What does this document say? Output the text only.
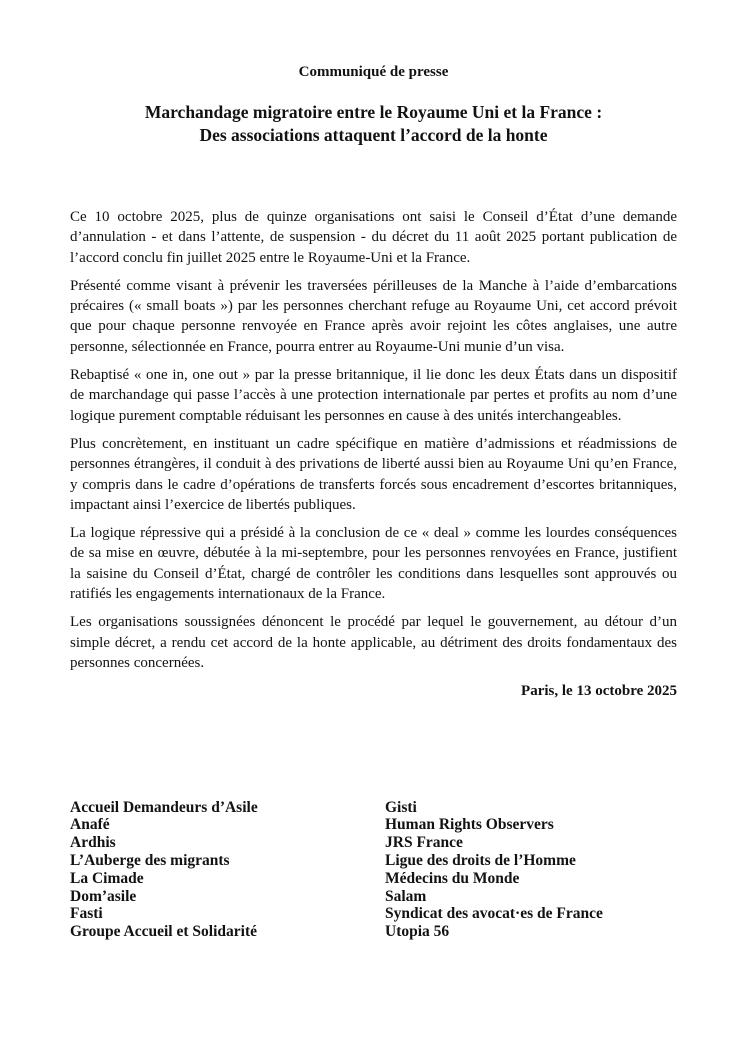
Communiqué de presse

Marchandage migratoire entre le Royaume Uni et la France :
Des associations attaquent l’accord de la honte

Ce 10 octobre 2025, plus de quinze organisations ont saisi le Conseil d’État d’une demande d’annulation - et dans l’attente, de suspension - du décret du 11 août 2025 portant publication de l’accord conclu fin juillet 2025 entre le Royaume-Uni et la France.

Présenté comme visant à prévenir les traversées périlleuses de la Manche à l’aide d’embarcations précaires (« small boats ») par les personnes cherchant refuge au Royaume Uni, cet accord prévoit que pour chaque personne renvoyée en France après avoir rejoint les côtes anglaises, une autre personne, sélectionnée en France, pourra entrer au Royaume-Uni munie d’un visa.

Rebaptisé « one in, one out » par la presse britannique, il lie donc les deux États dans un dispositif de marchandage qui passe l’accès à une protection internationale par pertes et profits au nom d’une logique purement comptable réduisant les personnes en cause à des unités interchangeables.

Plus concrètement, en instituant un cadre spécifique en matière d’admissions et réadmissions de personnes étrangères, il conduit à des privations de liberté aussi bien au Royaume Uni qu’en France, y compris dans le cadre d’opérations de transferts forcés sous encadrement d’escortes britanniques, impactant ainsi l’exercice de libertés publiques.

La logique répressive qui a présidé à la conclusion de ce « deal » comme les lourdes conséquences de sa mise en œuvre, débutée à la mi-septembre, pour les personnes renvoyées en France, justifient la saisine du Conseil d’État, chargé de contrôler les conditions dans lesquelles sont approuvés ou ratifiés les engagements internationaux de la France.

Les organisations soussignées dénoncent le procédé par lequel le gouvernement, au détour d’un simple décret, a rendu cet accord de la honte applicable, au détriment des droits fondamentaux des personnes concernées.

Paris, le 13 octobre 2025

Accueil Demandeurs d’Asile

Anafé

Ardhis

L’Auberge des migrants

La Cimade

Dom’asile

Fasti

Groupe Accueil et Solidarité

Gisti

Human Rights Observers

JRS France

Ligue des droits de l’Homme

Médecins du Monde

Salam

Syndicat des avocat·es de France

Utopia 56
